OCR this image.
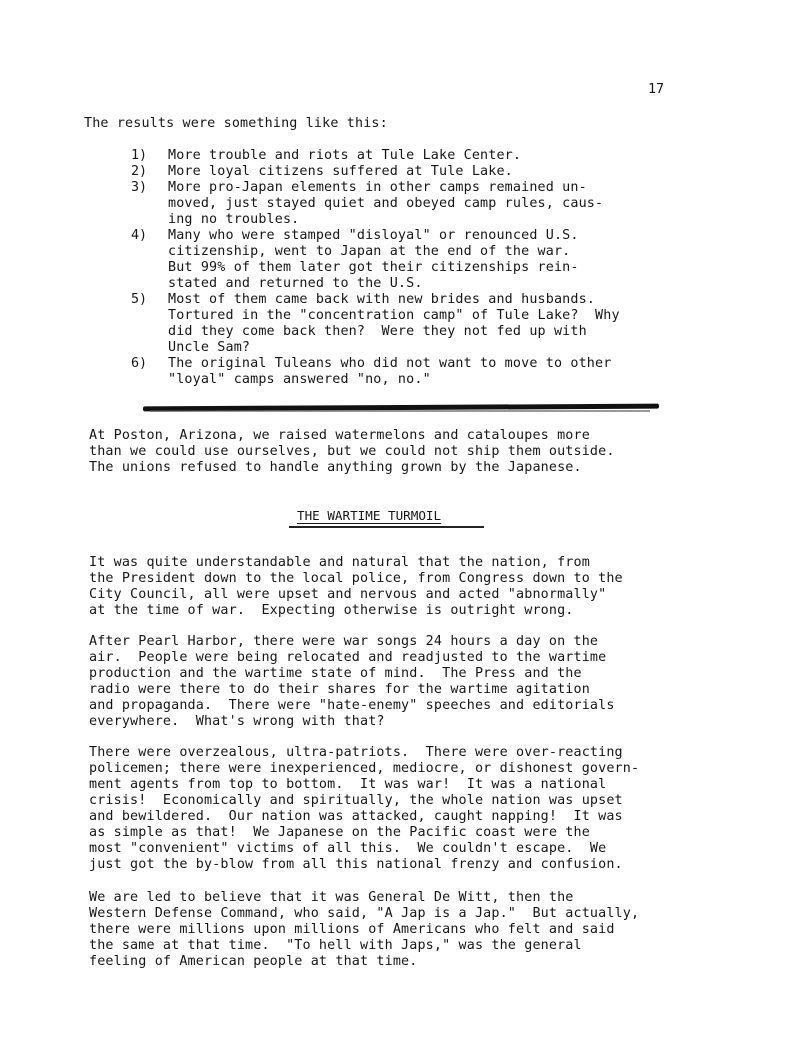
17
The results were something like this:
1) More trouble and riots at Tule Lake Center.
2) More loyal citizens suffered at Tule Lake.
3) More pro-Japan elements in other camps remained un-
moved, just stayed quiet and obeyed camp rules, caus-
ing no troubles.
4) Many who were stamped "disloyal" or renounced U.S.
citizenship, went to Japan at the end of the war.
But 99% of them later got their citizenships rein-
stated and returned to the U.S.
5) Most of them came back with new brides and husbands.
Tortured in the "concentration camp" of Tule Lake?  Why
did they come back then?  Were they not fed up with
Uncle Sam?
6) The original Tuleans who did not want to move to other
"loyal" camps answered "no, no."
At Poston, Arizona, we raised watermelons and cataloupes more
than we could use ourselves, but we could not ship them outside.
The unions refused to handle anything grown by the Japanese.
THE WARTIME TURMOIL
It was quite understandable and natural that the nation, from
the President down to the local police, from Congress down to the
City Council, all were upset and nervous and acted "abnormally"
at the time of war.  Expecting otherwise is outright wrong.
After Pearl Harbor, there were war songs 24 hours a day on the
air.  People were being relocated and readjusted to the wartime
production and the wartime state of mind.  The Press and the
radio were there to do their shares for the wartime agitation
and propaganda.  There were "hate-enemy" speeches and editorials
everywhere.  What's wrong with that?
There were overzealous, ultra-patriots.  There were over-reacting
policemen; there were inexperienced, mediocre, or dishonest govern-
ment agents from top to bottom.  It was war!  It was a national
crisis!  Economically and spiritually, the whole nation was upset
and bewildered.  Our nation was attacked, caught napping!  It was
as simple as that!  We Japanese on the Pacific coast were the
most "convenient" victims of all this.  We couldn't escape.  We
just got the by-blow from all this national frenzy and confusion.
We are led to believe that it was General De Witt, then the
Western Defense Command, who said, "A Jap is a Jap."  But actually,
there were millions upon millions of Americans who felt and said
the same at that time.  "To hell with Japs," was the general
feeling of American people at that time.
